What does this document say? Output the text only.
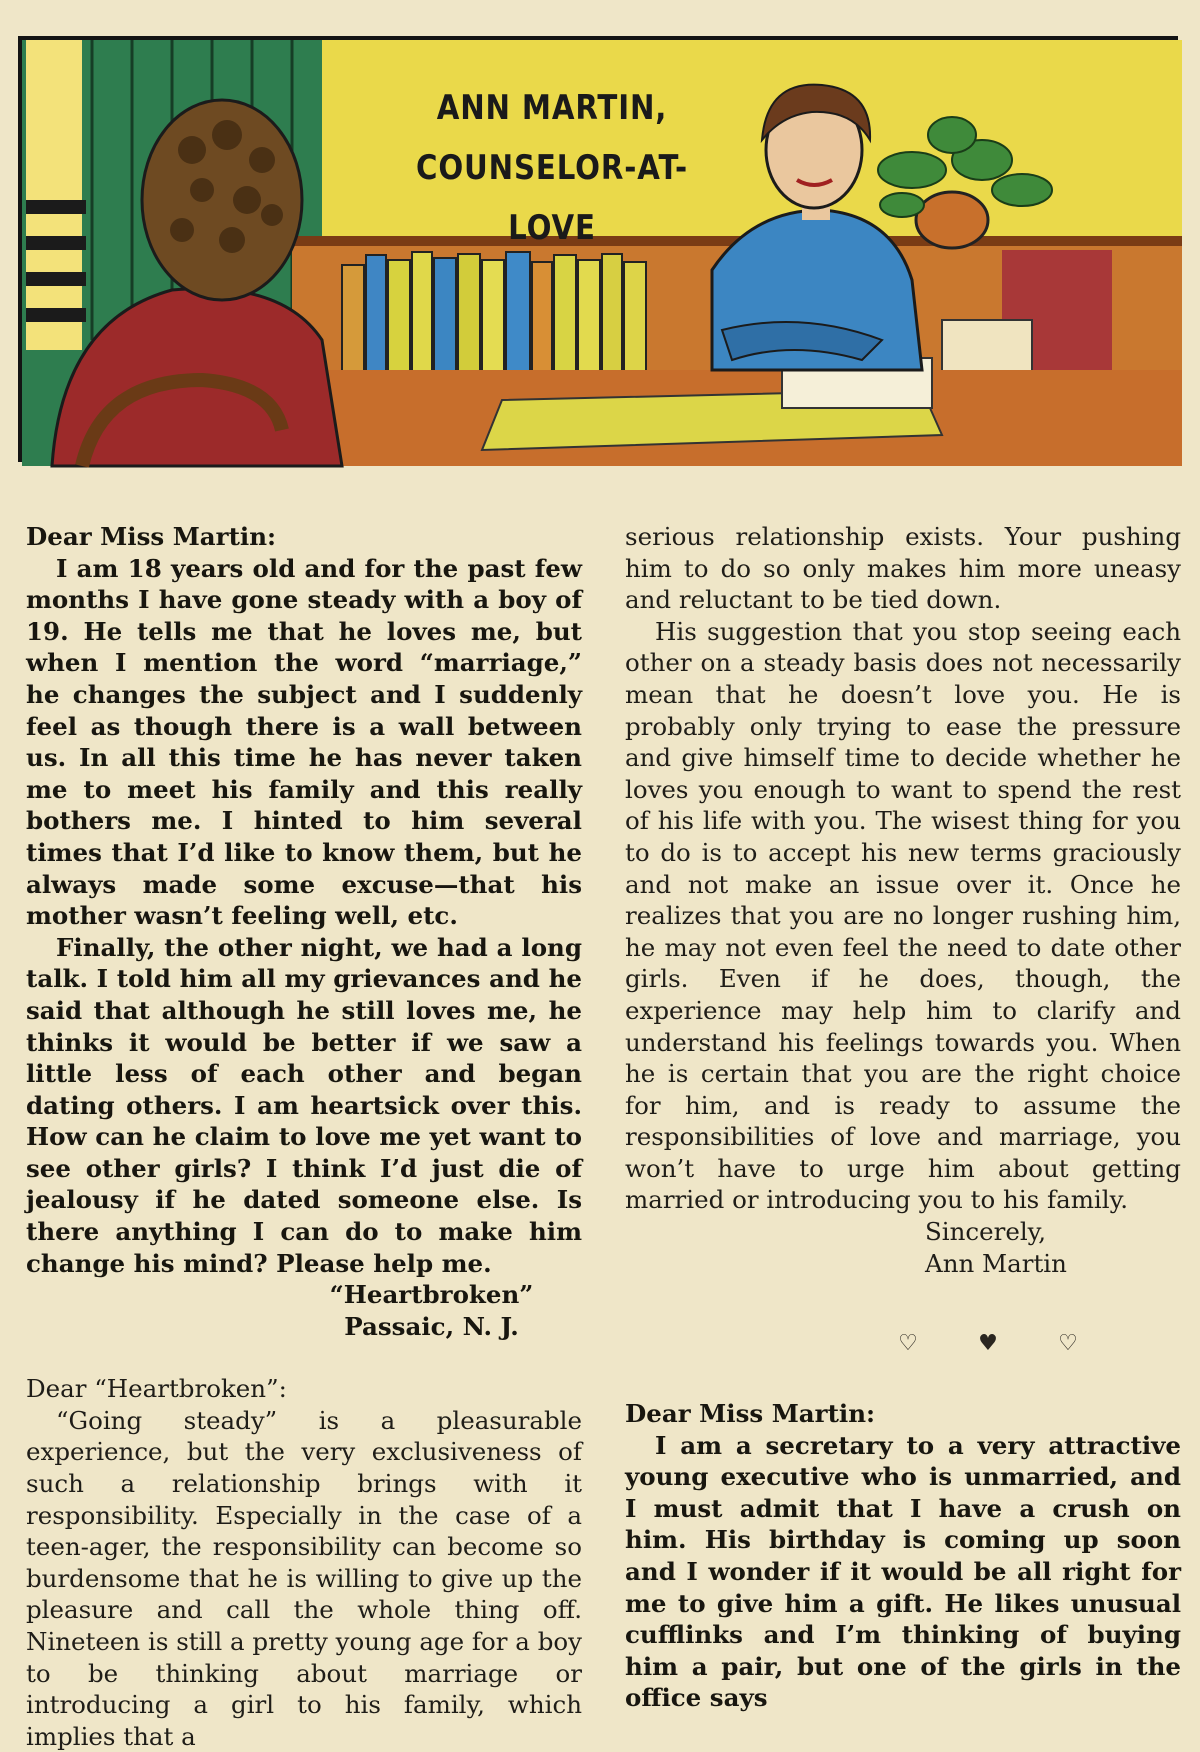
ANN MARTIN,
COUNSELOR-AT-LOVE
Dear Miss Martin:
I am 18 years old and for the past few months I have gone steady with a boy of 19. He tells me that he loves me, but when I mention the word “marriage,” he changes the subject and I suddenly feel as though there is a wall between us. In all this time he has never taken me to meet his family and this really bothers me. I hinted to him several times that I’d like to know them, but he always made some excuse—that his mother wasn’t feeling well, etc.
Finally, the other night, we had a long talk. I told him all my grievances and he said that although he still loves me, he thinks it would be better if we saw a little less of each other and began dating others. I am heartsick over this. How can he claim to love me yet want to see other girls? I think I’d just die of jealousy if he dated someone else. Is there anything I can do to make him change his mind? Please help me.
“Heartbroken”
Passaic, N. J.
Dear “Heartbroken”:
“Going steady” is a pleasurable experience, but the very exclusiveness of such a relationship brings with it responsibility. Especially in the case of a teen-ager, the responsibility can become so burdensome that he is willing to give up the pleasure and call the whole thing off. Nineteen is still a pretty young age for a boy to be thinking about marriage or introducing a girl to his family, which implies that a
serious relationship exists. Your pushing him to do so only makes him more uneasy and reluctant to be tied down.
His suggestion that you stop seeing each other on a steady basis does not necessarily mean that he doesn’t love you. He is probably only trying to ease the pressure and give himself time to decide whether he loves you enough to want to spend the rest of his life with you. The wisest thing for you to do is to accept his new terms graciously and not make an issue over it. Once he realizes that you are no longer rushing him, he may not even feel the need to date other girls. Even if he does, though, the experience may help him to clarify and understand his feelings towards you. When he is certain that you are the right choice for him, and is ready to assume the responsibilities of love and marriage, you won’t have to urge him about getting married or introducing you to his family.
Sincerely,
Ann Martin
♡	♥	♡
Dear Miss Martin:
I am a secretary to a very attractive young executive who is unmarried, and I must admit that I have a crush on him. His birthday is coming up soon and I wonder if it would be all right for me to give him a gift. He likes unusual cufflinks and I’m thinking of buying him a pair, but one of the girls in the office says
